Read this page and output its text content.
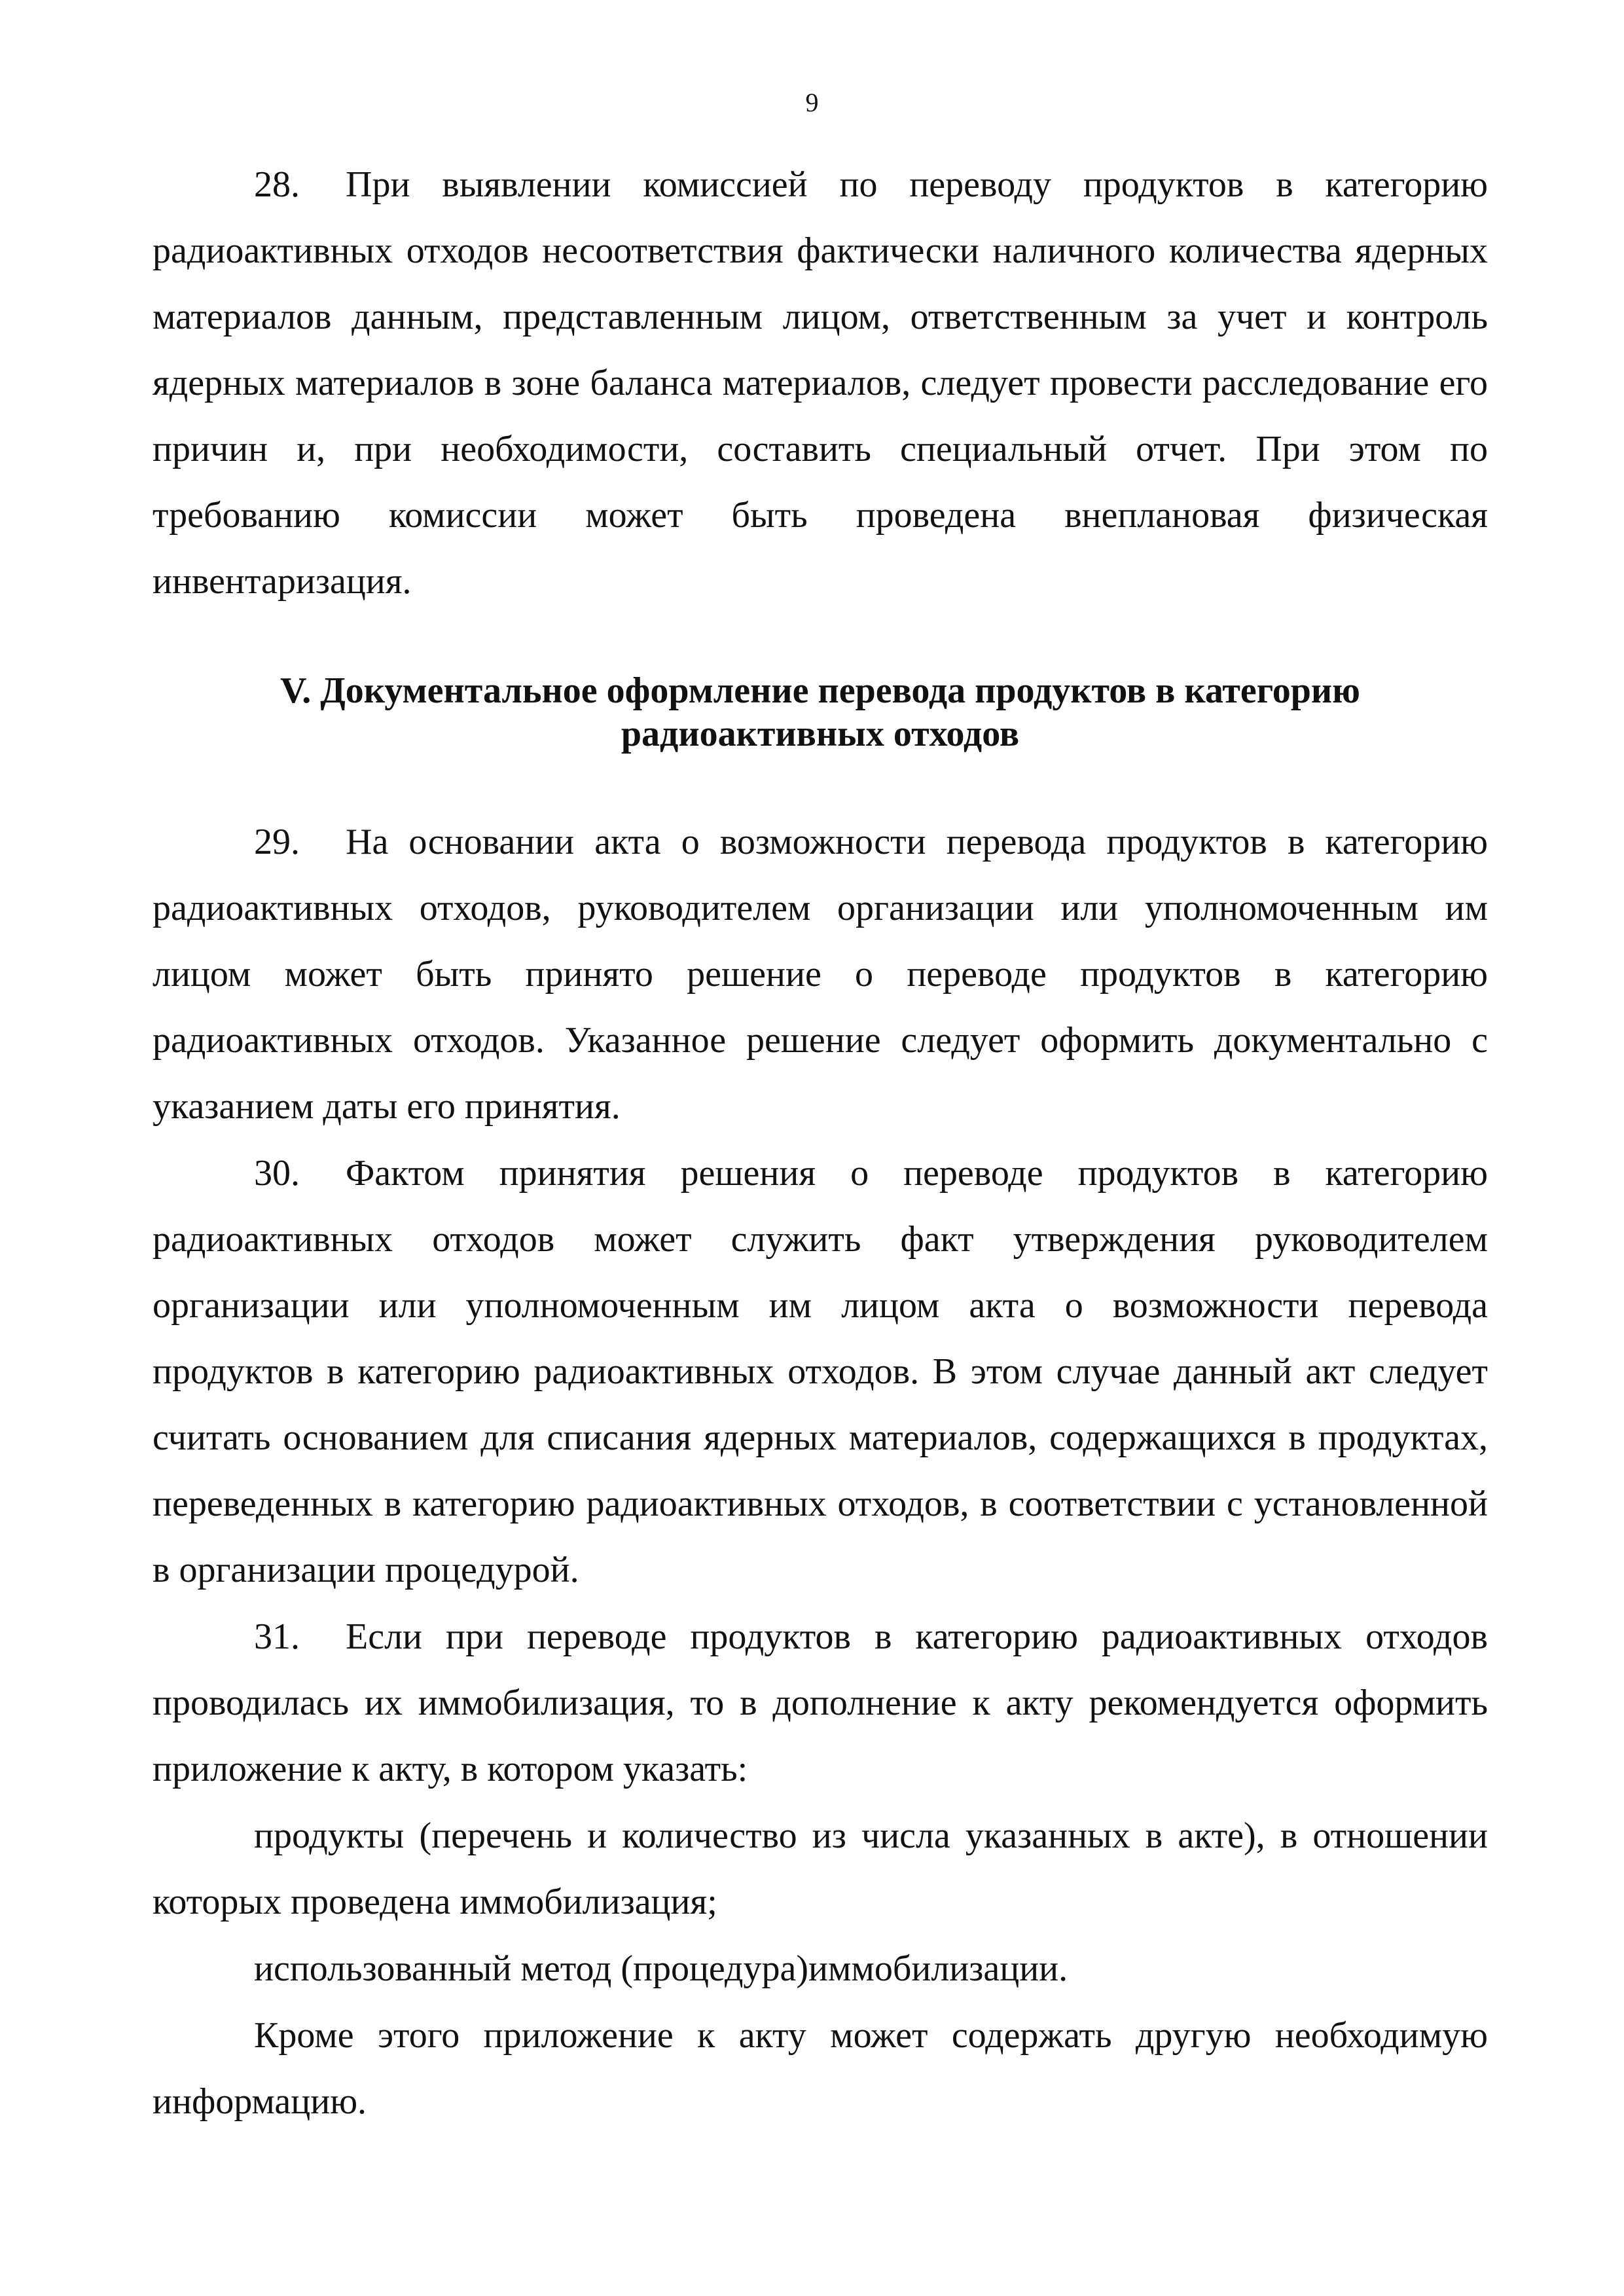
9

28. При выявлении комиссией по переводу продуктов в категорию радиоактивных отходов несоответствия фактически наличного количества ядерных материалов данным, представленным лицом, ответственным за учет и контроль ядерных материалов в зоне баланса материалов, следует провести расследование его причин и, при необходимости, составить специальный отчет. При этом по требованию комиссии может быть проведена внеплановая физическая инвентаризация.

V. Документальное оформление перевода продуктов в категорию
радиоактивных отходов

29. На основании акта о возможности перевода продуктов в категорию радиоактивных отходов, руководителем организации или уполномоченным им лицом может быть принято решение о переводе продуктов в категорию радиоактивных отходов. Указанное решение следует оформить документально с указанием даты его принятия.

30. Фактом принятия решения о переводе продуктов в категорию радиоактивных отходов может служить факт утверждения руководителем организации или уполномоченным им лицом акта о возможности перевода продуктов в категорию радиоактивных отходов. В этом случае данный акт следует считать основанием для списания ядерных материалов, содержащихся в продуктах, переведенных в категорию радиоактивных отходов, в соответствии с установленной в организации процедурой.

31. Если при переводе продуктов в категорию радиоактивных отходов проводилась их иммобилизация, то в дополнение к акту рекомендуется оформить приложение к акту, в котором указать:

продукты (перечень и количество из числа указанных в акте), в отношении которых проведена иммобилизация;

использованный метод (процедура)иммобилизации.

Кроме этого приложение к акту может содержать другую необходимую информацию.
